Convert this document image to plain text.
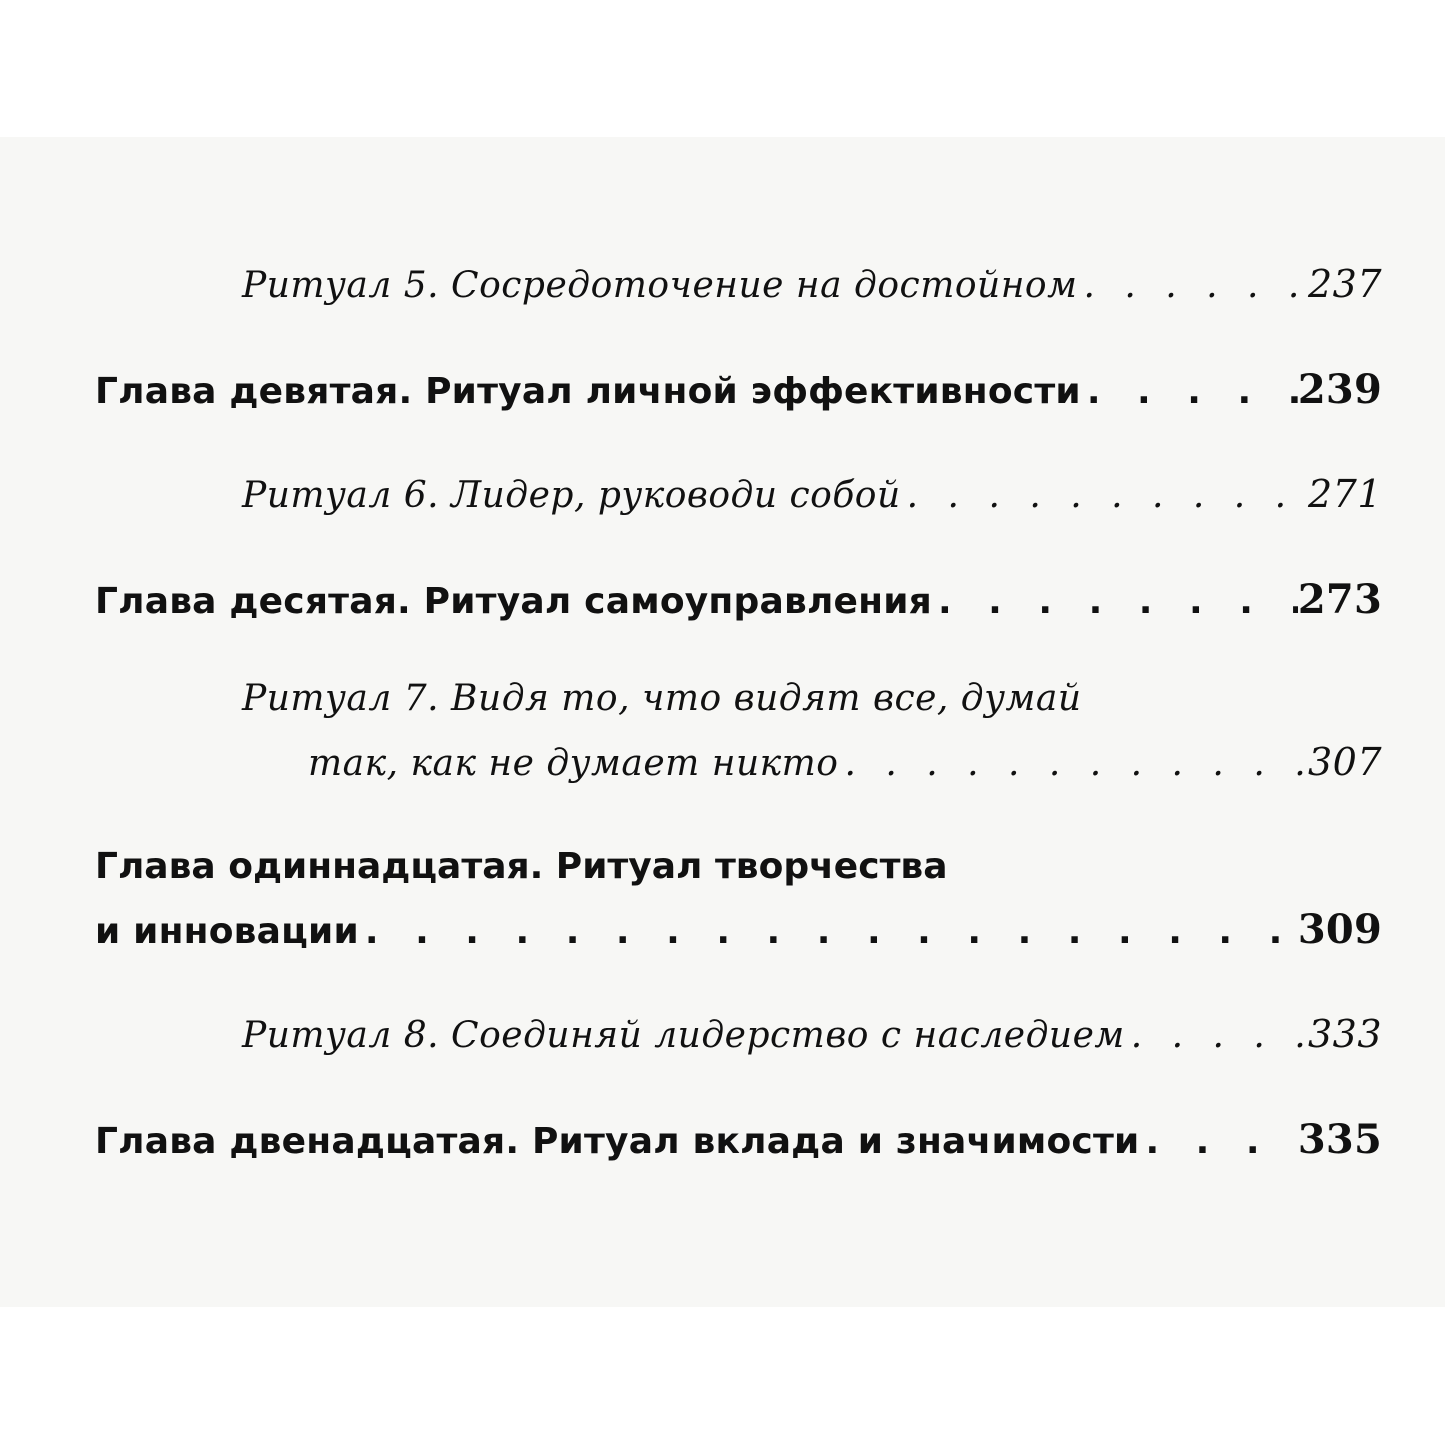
Ритуал 5. Сосредоточение на достойном . . .	237
Глава девятая. Ритуал личной эффективности . . .	239
Ритуал 6. Лидер, руководи собой . . .	271
Глава десятая. Ритуал самоуправления . . .	273
Ритуал 7. Видя то, что видят все, думай
так, как не думает никто . . .	307
Глава одиннадцатая. Ритуал творчества
и инновации . . .	309
Ритуал 8. Соединяй лидерство с наследием . . .	333
Глава двенадцатая. Ритуал вклада и значимости . . .	335
